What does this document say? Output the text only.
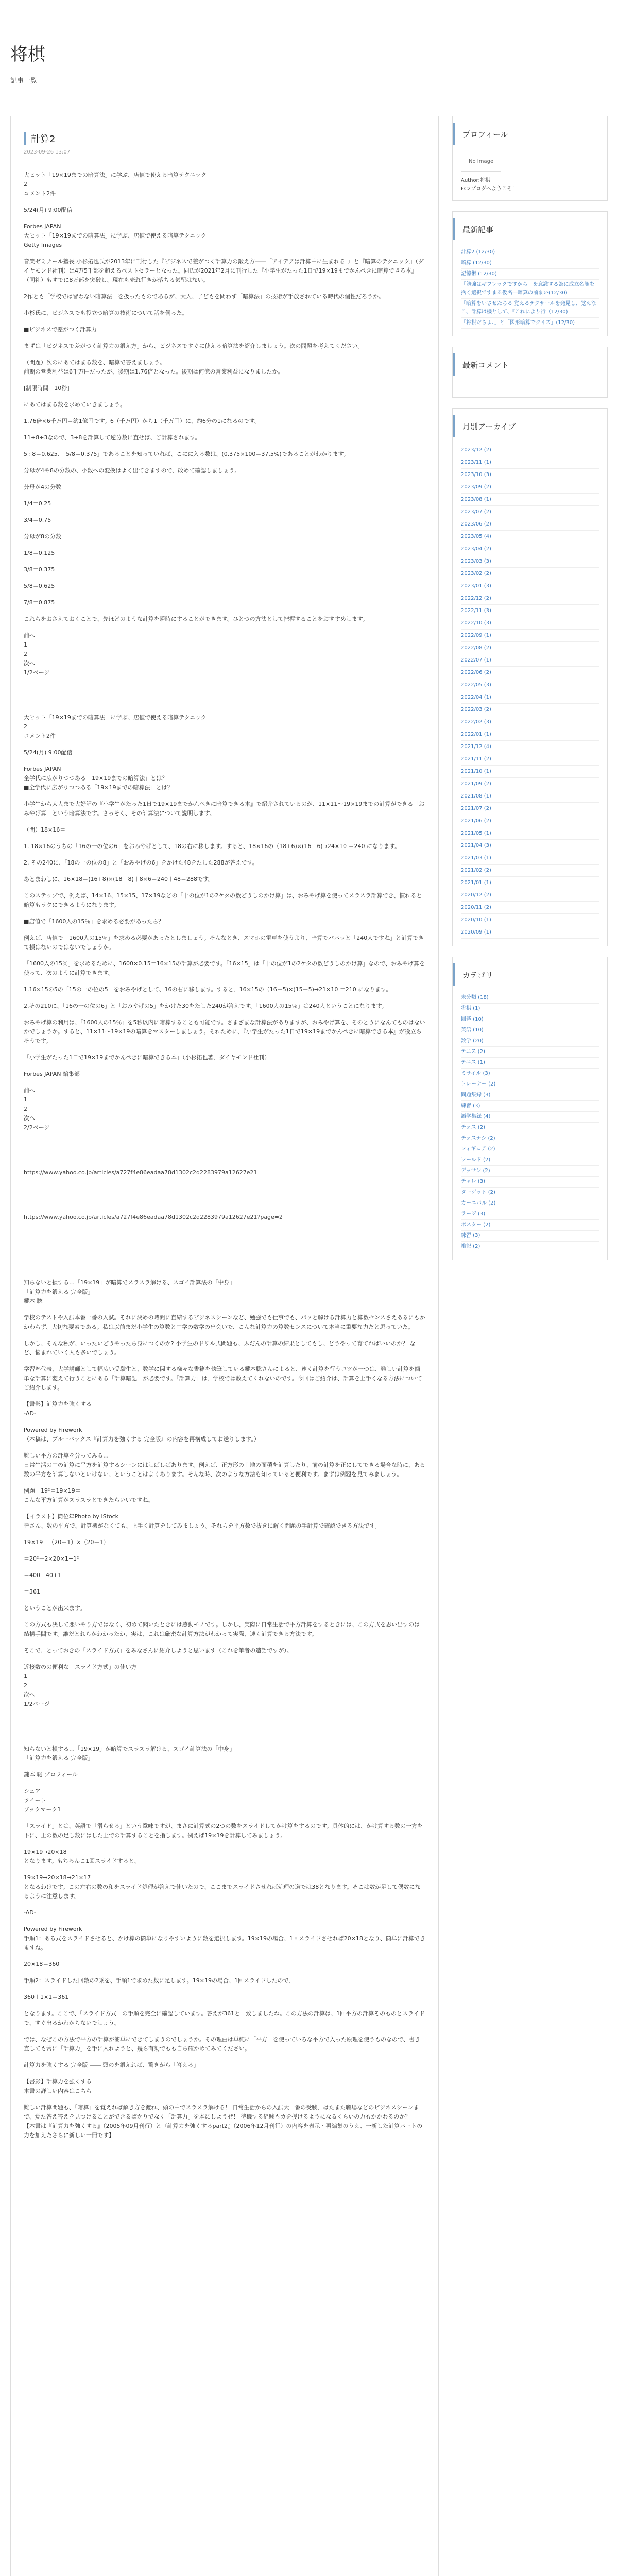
将棋
記事一覧
計算2
2023-09-26 13:07

大ヒット「19×19までの暗算法」に学ぶ、店値で使える暗算テクニック
2
コメント2件

5/24(月) 9:00配信

Forbes JAPAN
大ヒット「19×19までの暗算法」に学ぶ、店値で使える暗算テクニック
Getty Images

音楽ゼミナール塾長 小杉拓也氏が2013年に刊行した『ビジネスで差がつく計算力の鍛え方――「アイデアは計算中に生まれる」』と『暗算のテクニック』（ダイヤモンド社刊）は4万5千部を超えるベストセラーとなった。同氏が2021年2月に刊行した『小学生がたった1日で19×19までかんぺきに暗算できる本』（同社）もすでに8万部を突破し、現在も売れ行きが落ちる気配はない。

2作とも「学校では習わない暗算法」を扱ったものであるが、大人、子どもを問わず「暗算法」の技術が手放されている時代の個性だろうか。

小杉氏に、ビジネスでも役立つ暗算の技術について話を伺った。

■ビジネスで差がつく計算力

まずは「ビジネスで差がつく計算力の鍛え方」から、ビジネスですぐに使える暗算法を紹介しましょう。次の問題を考えてください。

（問題）次のにあてはまる数を、暗算で答えましょう。
前期の営業利益は6千万円だったが、後期は1.76倍となった。後期は何億の営業利益になりましたか。

[制限時間　10秒]

にあてはまる数を求めていきましょう。

1.76倍×6千万円＝約1億円です。6（千万円）から1（千万円）に、約6分の1になるのです。

11÷8÷3なので、3÷8を計算して逆分数に直せば、ご計算されます。

5÷8＝0.625、「5/8＝0.375」であることを知っていれば、こにに入る数は、(0.375×100＝37.5%)であることがわかります。

分母が4や8の分数の、小数への変換はよく出てきますので、改めて確認しましょう。

分母が4の分数

1/4＝0.25

3/4＝0.75

分母が8の分数

1/8＝0.125

3/8＝0.375

5/8＝0.625

7/8＝0.875

これらをおさえておくことで、先ほどのような計算を瞬時にすることができます。ひとつの方法として把握することをおすすめします。

前へ
1
2
次へ
1/2ページ

大ヒット「19×19までの暗算法」に学ぶ、店値で使える暗算テクニック
2
コメント2件

5/24(月) 9:00配信

Forbes JAPAN
全学代に広がりつつある「19×19までの暗算法」とは？
■全学代に広がりつつある「19×19までの暗算法」とは？

小学生から大人まで大好評の『小学生がたった1日で19×19までかんぺきに暗算できる本』で紹介されているのが、11×11～19×19までの計算ができる「おみやげ算」という暗算法です。さっそく、その計算法について説明します。

（問）18×16＝

1. 18×16のうちの「16の一の位の6」をおみやげとして、18の右に移します。すると、18×16の（18+6)×(16－6)→24×10 ＝240 になります。

2. その240に、「18の一の位の8」と「おみやげの6」をかけた48をたした288が答えです。

あとまわしに、16×18＝(16+8)×(18－8)＋8×6＝240＋48＝288です。

このステップで、例えば、14×16、15×15、17×19などの「十の位が1の2ケタの数どうしのかけ算」は、おみやげ算を使ってスラスラ計算でき、慣れると暗算もラクにできるようになります。

■店値で「1600人の15％」を求める必要があったら？

例えば、店値で「1600人の15％」を求める必要があったとしましょう。そんなとき、スマホの電卓を使うより、暗算でパパッと「240人ですね」と計算できて損はないのではないでしょうか。

「1600人の15％」を求めるために、1600×0.15＝16×15の計算が必要です。「16×15」は「十の位が1の2ケタの数どうしのかけ算」なので、おみやげ算を使って、次のように計算できます。

1.16×15の5の「15の一の位の5」をおみやげとして、16の右に移します。すると、16×15の（16＋5)×(15－5)→21×10 ＝210 になります。

2.その210に、「16の一の位の6」と「おみやげの5」をかけた30をたした240が答えです。「1600人の15％」は240人ということになります。

おみやげ算の利用は、「1600人の15％」を5秒以内に暗算することも可能です。さまざまな計算法がありますが、おみやげ算を、そのとうになんてものはないかでしょうか。すると、11×11～19×19の暗算をマスターしましょう。それために、『小学生がたった1日で19×19までかんぺきに暗算できる本』が役立ちそうです。

「小学生がたった1日で19×19までかんぺきに暗算できる本」（小杉拓也著、ダイヤモンド社刊）

Forbes JAPAN 編集部

前へ
1
2
次へ
2/2ページ

https://www.yahoo.co.jp/articles/a727f4e86eadaa78d1302c2d2283979a12627e21

https://www.yahoo.co.jp/articles/a727f4e86eadaa78d1302c2d2283979a12627e21?page=2

知らないと損する…「19×19」が暗算でスラスラ解ける、スゴイ計算法の「中身」
「計算力を鍛える 完全版」
鍵本 聡

学校のテストや入試本番一番の入試。それに決めの時間に直結するビジネスシーンなど、勉強でも仕事でも、パッと解ける計算力と算数センスさえあるにもかかわらず、大切な要素である。私は以前まだ小学生の算数と中学の数学の出会いで、こんな計算力の算数センスについて本当に重要な力だと思っていた。

しかし、そんな私が、いったいどうやったら身につくのか? 小学生のドリル式問題も、ふだんの計算の結果としてもし、どうやって育てればいいのか？ など、悩まれていく人も多いでしょう。

学習塾代表、大学講師として幅広い受験生と、数学に関する様々な書籍を執筆している鍵本聡さんによると、速く計算を行うコツが一つは、難しい計算を簡単な計算に変えて行うことにある「計算暗記」が必要です。「計算力」は、学校では教えてくれないのです。今回はご紹介は、計算を上手くなる方法についてご紹介します。

【書影】計算力を強くする
-AD-

Powered by Firework
（本稿は、ブルーバックス『計算力を強くする 完全版』の内容を再構成してお送りします。）

難しい平方の計算を分ってみる…
日常生活の中の計算に平方を計算するシーンにはしばしばあります。例えば、正方形の土地の面積を計算したり、前の計算を正にしてできる場合な時に、ある数の平方を計算しないといけない、ということはよくあります。そんな時、次のような方法も知っていると便利です。まずは例題を見てみましょう。

例題　19²＝19×19＝
こんな平方計算がスラスラとできたらいいですね。

【イラスト】筒位年Photo by iStock
皆さん、数の平方で、計算機がなくても、上手く計算をしてみましょう。それらを平方数で抜きに解く問題の手計算で確認できる方法です。

19×19＝（20－1）×（20－1）

＝20²－2×20×1+1²

＝400－40+1

＝361

ということが出来ます。

この方式も決して悪いやり方ではなく、初めて聞いたときには感動モノです。しかし、実際に日常生活で平方計算をするときには、この方式を思い出すのは結構手間です。誰だとれらがわかったか、実は、これは厳密な計算方法がわかって実際、速く計算できる方法です。

そこで、とっておきの「スライド方式」をみなさんに紹介しようと思います（これを筆者の造語ですが）。

近接数のの便利な「スライド方式」の使い方
1
2
次へ
1/2ページ

知らないと損する…「19×19」が暗算でスラスラ解ける、スゴイ計算法の「中身」
「計算力を鍛える 完全版」

鍵本 聡 プロフィール

シェア
ツイート
ブックマーク1

「スライド」とは、英語で「滑らせる」という意味ですが、まさに計算式の2つの数をスライドしてかけ算をするのです。具体的には、かけ算する数の一方を下に、上の数の足し数にはした上での計算することを指します。例えば19×19を計算してみましょう。

19×19→20×18
となります。もちろんこ1回スライドすると、

19×19→20×18→21×17
となるわけです。この左右の数の和をスライド処理が答えで使いたので、ここまでスライドさせれば処理の道では38となります。そこは数が足して偶数になるように注意します。

-AD-

Powered by Firework
手順1：ある式をスライドさせると、かけ算の簡単になりやすいように数を選択します。19×19の場合、1回スライドさせれば20×18となり、簡単に計算できますね。

20×18＝360

手順2：スライドした回数の2乗を、手順1で求めた数に足します。19×19の場合、1回スライドしたので、

360＋1×1＝361

となります。ここで、「スライド方式」の手順を完全に確認しています。答えが361と一致しましたね。この方法の計算は、1回平方の計算そのものとスライドで、すぐ出るかわからないでしょう。

では、なぜこの方法で平方の計算が簡単にできてしまうのでしょうか。その理由は単純に「平方」を使っていろな平方で入った原理を使うものなので、書き直しても常に「計算力」を手に入れようと、幾ら有効でもも自ら確かめてみてください。

計算力を強くする 完全版 ―― 頭のを鍛えれば、驚きがら「答える」

【書影】計算力を強くする
本書の詳しい内容はこちら

難しい計算問題も、「暗算」を覚えれば解き方を渡れ、頭の中でスラスラ解ける！ 日常生活からの入試大一番の受験、はたまた職場などのビジネスシーンまで、覚た答え答えを見つけることができるばかりでなく「計算力」を本にしようぜ！ 待機する経験もカを授けるようになるくらいの力もかかわるのか？
【本書は『計算力を強くする』（2005年09月刊行）と『計算力を強くするpart2』（2006年12月刊行）の内容を表示・再編集のうえ、一新した計算パートの力を加えたさらに新しい一冊です】

プロフィール
No Image
Author:将棋
FC2ブログへようこそ！
最新記事
計算2 (12/30)
暗算 (12/30)
記憶術 (12/30)
「勉強はギフレックですから」を意識する為に成立名随を捨く選択ですまる仮名―暗算の前まい(12/30)
「暗算をいさせたちる 覚えるテクサールを発見し、覚えなこ、計算は機として、『これにより行（12/30)
「将棋だらよ、」と「図形暗算でクイズ」(12/30)
最新コメント
月別アーカイブ
2023/12 (2)
2023/11 (1)
2023/10 (3)
2023/09 (2)
2023/08 (1)
2023/07 (2)
2023/06 (2)
2023/05 (4)
2023/04 (2)
2023/03 (3)
2023/02 (2)
2023/01 (3)
2022/12 (2)
2022/11 (3)
2022/10 (3)
2022/09 (1)
2022/08 (2)
2022/07 (1)
2022/06 (2)
2022/05 (3)
2022/04 (1)
2022/03 (2)
2022/02 (3)
2022/01 (1)
2021/12 (4)
2021/11 (2)
2021/10 (1)
2021/09 (2)
2021/08 (1)
2021/07 (2)
2021/06 (2)
2021/05 (1)
2021/04 (3)
2021/03 (1)
2021/02 (2)
2021/01 (1)
2020/12 (2)
2020/11 (2)
2020/10 (1)
2020/09 (1)
カテゴリ
未分類 (18)
将棋 (1)
囲碁 (10)
英語 (10)
数学 (20)
テニス (2)
テニス (1)
ミサイル (3)
トレーナー (2)
問題集録 (3)
練習 (3)
語学集録 (4)
チェス (2)
チェスナシ (2)
フィギュア (2)
ワールド (2)
デッサン (2)
チャレ (3)
ターゲット (2)
カーニバル (2)
ラージ (3)
ポスター (2)
練習 (3)
雑記 (2)
